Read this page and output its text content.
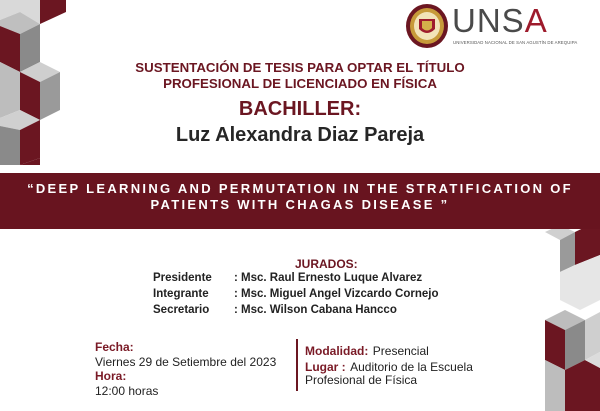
UNSA
UNIVERSIDAD NACIONAL DE SAN AGUSTÍN DE AREQUIPA
SUSTENTACIÓN DE TESIS PARA OPTAR EL TÍTULO
PROFESIONAL DE LICENCIADO EN FÍSICA
BACHILLER:
Luz Alexandra Diaz Pareja
“DEEP LEARNING AND PERMUTATION IN THE STRATIFICATION OF
PATIENTS WITH CHAGAS DISEASE ”
JURADOS:
Presidente : Msc. Raul Ernesto Luque Alvarez
Integrante : Msc. Miguel Angel Vizcardo Cornejo
Secretario : Msc. Wilson Cabana Hancco
Fecha:
Viernes 29 de Setiembre del 2023
Hora:
12:00 horas
Modalidad: Presencial
Lugar : Auditorio de la Escuela
Profesional de Física
